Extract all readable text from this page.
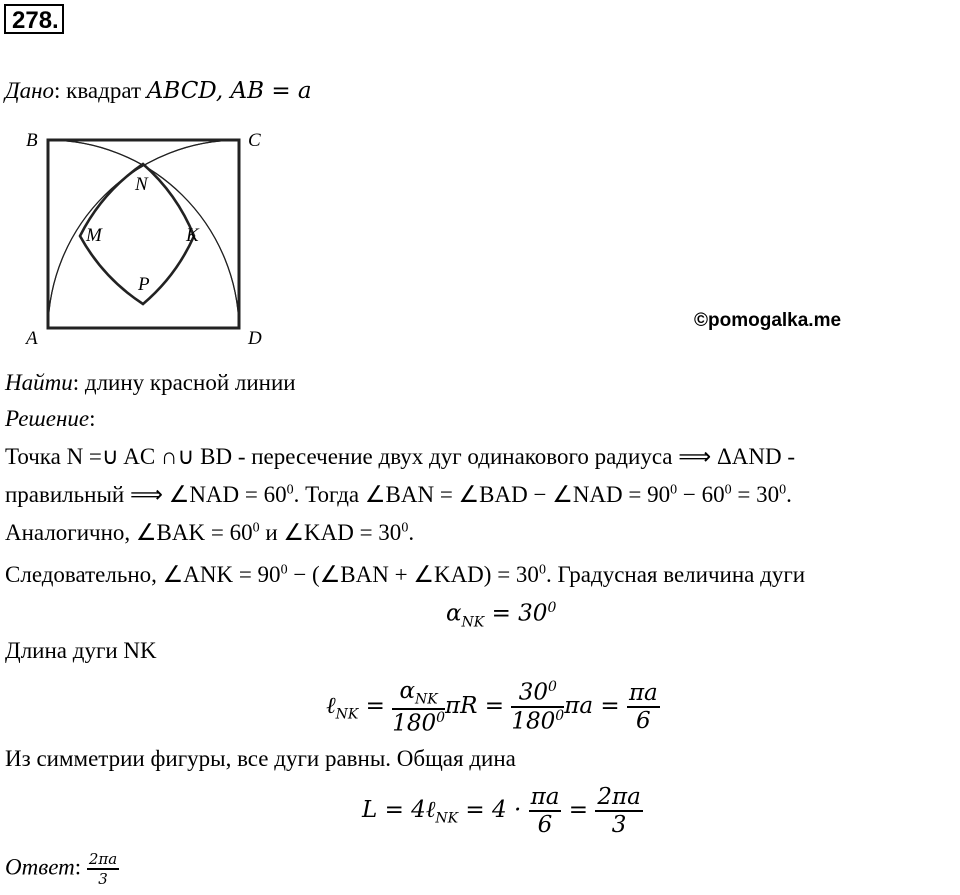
278.
Дано: квадрат ABCD, AB = a
B	C
A	D
N
M	K
P
©pomogalka.me
Найти: длину красной линии
Решение:
Точка N =∪ AC ∩∪ BD - пересечение двух дуг одинакового радиуса ⟹ ΔAND -
правильный ⟹ ∠NAD = $60^0$. Тогда ∠BAN = ∠BAD − ∠NAD = $90^0 - 60^0 = 30^0$.
Аналогично, ∠BAK = $60^0$ и ∠KAD = $30^0$.
Следовательно, ∠ANK = $90^0$ − (∠BAN + ∠KAD) = $30^0$. Градусная величина дуги
$\alpha_{NK} = 30^0$
Длина дуги NK
ℓ$_{NK}$ = $\frac{\alpha_{NK}}{180^0}$ $\pi R = \frac{30^0}{180^0}$ $\pi a = \frac{\pi a}{6}$
Из симметрии фигуры, все дуги равны. Общая дина
L = 4ℓ$_{NK}$ = $4 \cdot \frac{\pi a}{6} = \frac{2\pi a}{3}$
Ответ: $\frac{2\pi a}{3}$
